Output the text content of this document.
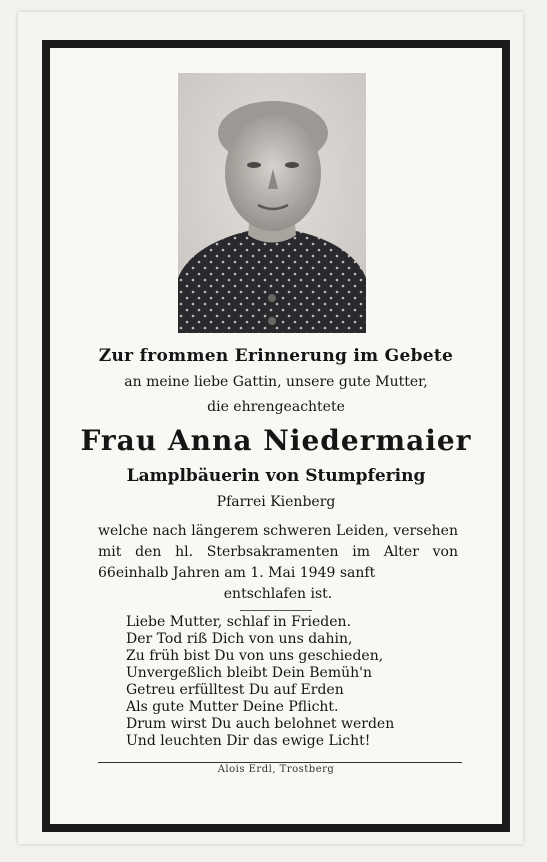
Zur frommen Erinnerung im Gebete
an meine liebe Gattin, unsere gute Mutter,
die ehrengeachtete
Frau Anna Niedermaier
Lamplbäuerin von Stumpfering
Pfarrei Kienberg
welche nach längerem schweren Leiden, versehen mit den hl. Sterbsakramenten im Alter von 66einhalb Jahren am 1. Mai 1949 sanft
entschlafen ist.
Liebe Mutter, schlaf in Frieden.
Der Tod riß Dich von uns dahin,
Zu früh bist Du von uns geschieden,
Unvergeßlich bleibt Dein Bemüh'n
Getreu erfülltest Du auf Erden
Als gute Mutter Deine Pflicht.
Drum wirst Du auch belohnet werden
Und leuchten Dir das ewige Licht!
Alois Erdl, Trostberg
